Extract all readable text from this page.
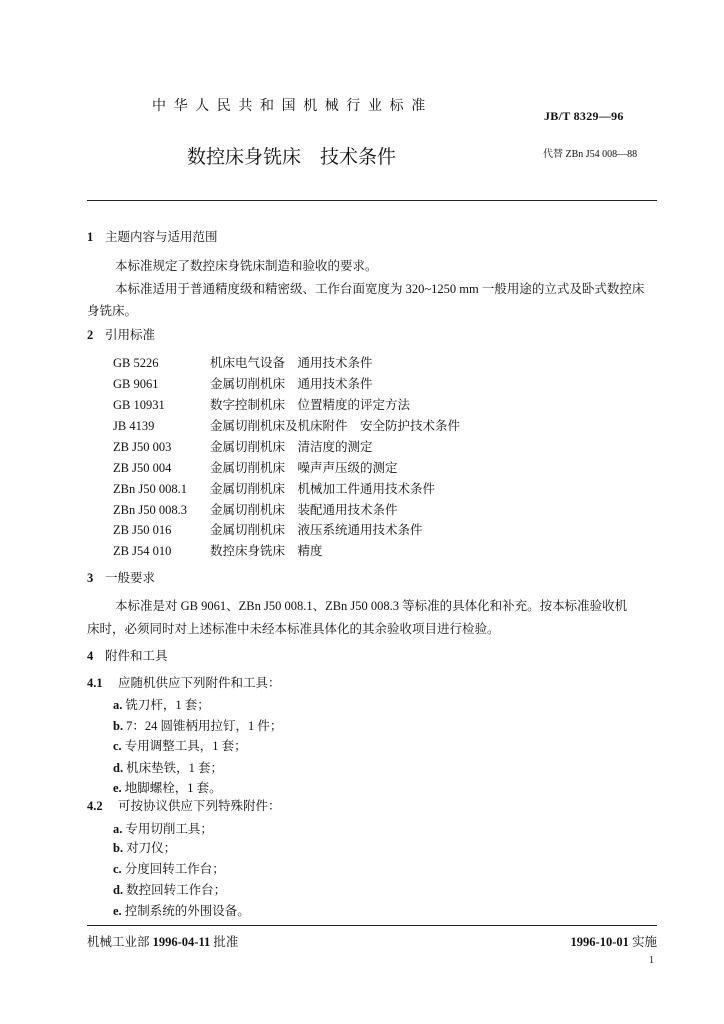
中华人民共和国机械行业标准
JB/T 8329—96
数控床身铣床　技术条件	代替 ZBn J54 008—88
1 主题内容与适用范围
本标准规定了数控床身铣床制造和验收的要求。
本标准适用于普通精度级和精密级、工作台面宽度为 320~1250 mm 一般用途的立式及卧式数控床
身铣床。
2 引用标准
GB 5226	机床电气设备　通用技术条件
GB 9061	金属切削机床　通用技术条件
GB 10931	数字控制机床　位置精度的评定方法
JB 4139	金属切削机床及机床附件　安全防护技术条件
ZB J50 003	金属切削机床　清洁度的测定
ZB J50 004	金属切削机床　噪声声压级的测定
ZBn J50 008.1 金属切削机床　机械加工件通用技术条件
ZBn J50 008.3 金属切削机床　装配通用技术条件
ZB J50 016	金属切削机床　液压系统通用技术条件
ZB J54 010	数控床身铣床　精度
3 一般要求
本标准是对 GB 9061、ZBn J50 008.1、ZBn J50 008.3 等标准的具体化和补充。按本标准验收机
床时，必须同时对上述标准中未经本标准具体化的其余验收项目进行检验。
4 附件和工具
4.1 应随机供应下列附件和工具：
a. 铣刀杆，1 套；
b. 7：24 圆锥柄用拉钉，1 件；
c. 专用调整工具，1 套；
d. 机床垫铁，1 套；
e. 地脚螺栓，1 套。
4.2 可按协议供应下列特殊附件：
a. 专用切削工具；
b. 对刀仪；
c. 分度回转工作台；
d. 数控回转工作台；
e. 控制系统的外围设备。
机械工业部 1996-04-11 批准	1996-10-01 实施
1
